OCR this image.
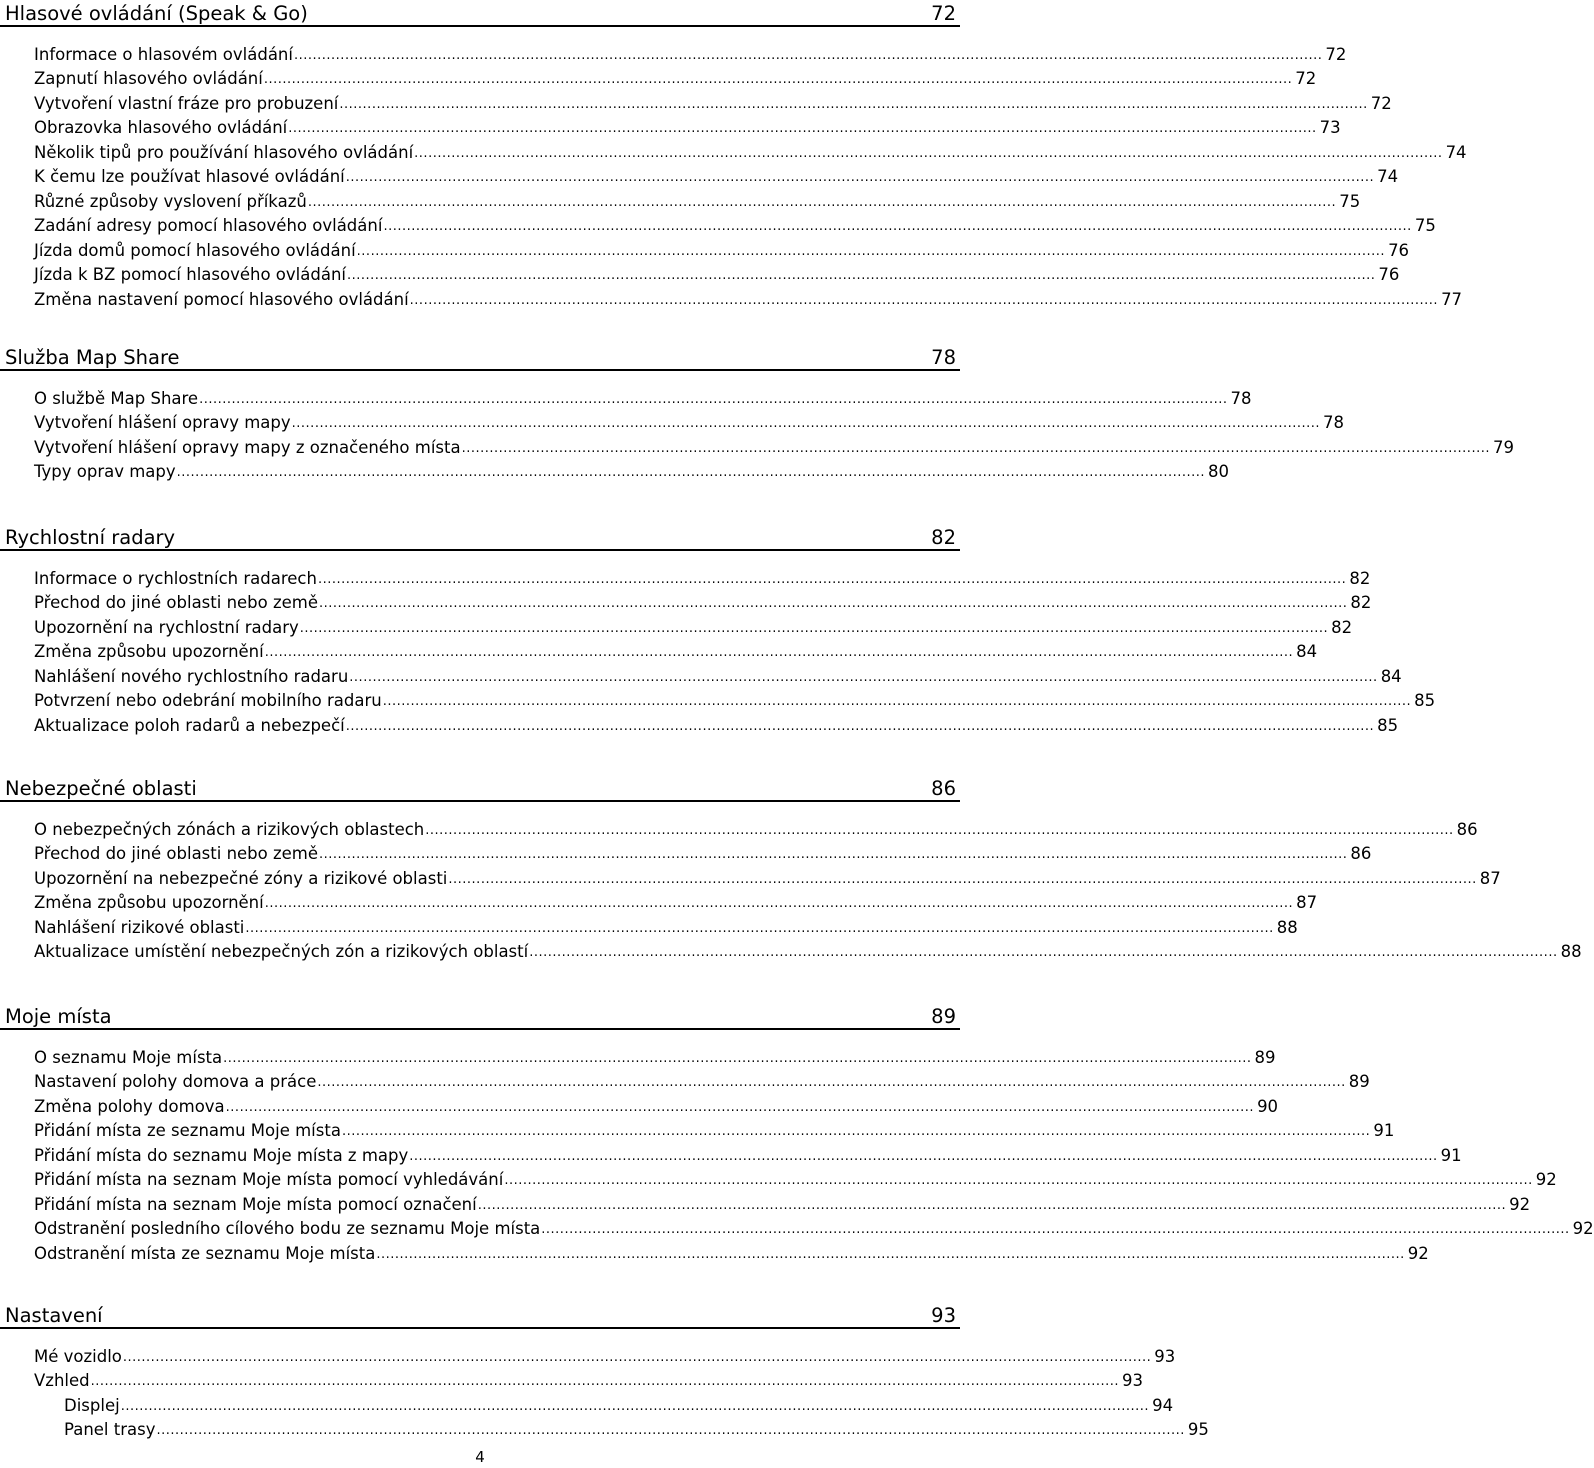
Hlasové ovládání (Speak & Go)	72
Informace o hlasovém ovládání .............................................................................................................................................................................................................................. 72
Zapnutí hlasového ovládání .............................................................................................................................................................................................................................. 72
Vytvoření vlastní fráze pro probuzení .............................................................................................................................................................................................................................. 72
Obrazovka hlasového ovládání .............................................................................................................................................................................................................................. 73
Několik tipů pro používání hlasového ovládání .............................................................................................................................................................................................................................. 74
K čemu lze používat hlasové ovládání .............................................................................................................................................................................................................................. 74
Různé způsoby vyslovení příkazů .............................................................................................................................................................................................................................. 75
Zadání adresy pomocí hlasového ovládání .............................................................................................................................................................................................................................. 75
Jízda domů pomocí hlasového ovládání .............................................................................................................................................................................................................................. 76
Jízda k BZ pomocí hlasového ovládání .............................................................................................................................................................................................................................. 76
Změna nastavení pomocí hlasového ovládání .............................................................................................................................................................................................................................. 77
Služba Map Share	78
O službě Map Share .............................................................................................................................................................................................................................. 78
Vytvoření hlášení opravy mapy .............................................................................................................................................................................................................................. 78
Vytvoření hlášení opravy mapy z označeného místa .............................................................................................................................................................................................................................. 79
Typy oprav mapy .............................................................................................................................................................................................................................. 80
Rychlostní radary	82
Informace o rychlostních radarech .............................................................................................................................................................................................................................. 82
Přechod do jiné oblasti nebo země .............................................................................................................................................................................................................................. 82
Upozornění na rychlostní radary .............................................................................................................................................................................................................................. 82
Změna způsobu upozornění .............................................................................................................................................................................................................................. 84
Nahlášení nového rychlostního radaru .............................................................................................................................................................................................................................. 84
Potvrzení nebo odebrání mobilního radaru .............................................................................................................................................................................................................................. 85
Aktualizace poloh radarů a nebezpečí .............................................................................................................................................................................................................................. 85
Nebezpečné oblasti	86
O nebezpečných zónách a rizikových oblastech .............................................................................................................................................................................................................................. 86
Přechod do jiné oblasti nebo země .............................................................................................................................................................................................................................. 86
Upozornění na nebezpečné zóny a rizikové oblasti .............................................................................................................................................................................................................................. 87
Změna způsobu upozornění .............................................................................................................................................................................................................................. 87
Nahlášení rizikové oblasti .............................................................................................................................................................................................................................. 88
Aktualizace umístění nebezpečných zón a rizikových oblastí .............................................................................................................................................................................................................................. 88
Moje místa	89
O seznamu Moje místa .............................................................................................................................................................................................................................. 89
Nastavení polohy domova a práce .............................................................................................................................................................................................................................. 89
Změna polohy domova .............................................................................................................................................................................................................................. 90
Přidání místa ze seznamu Moje místa .............................................................................................................................................................................................................................. 91
Přidání místa do seznamu Moje místa z mapy .............................................................................................................................................................................................................................. 91
Přidání místa na seznam Moje místa pomocí vyhledávání .............................................................................................................................................................................................................................. 92
Přidání místa na seznam Moje místa pomocí označení .............................................................................................................................................................................................................................. 92
Odstranění posledního cílového bodu ze seznamu Moje místa .............................................................................................................................................................................................................................. 92
Odstranění místa ze seznamu Moje místa .............................................................................................................................................................................................................................. 92
Nastavení	93
Mé vozidlo .............................................................................................................................................................................................................................. 93
Vzhled .............................................................................................................................................................................................................................. 93
Displej .............................................................................................................................................................................................................................. 94
Panel trasy .............................................................................................................................................................................................................................. 95
4
